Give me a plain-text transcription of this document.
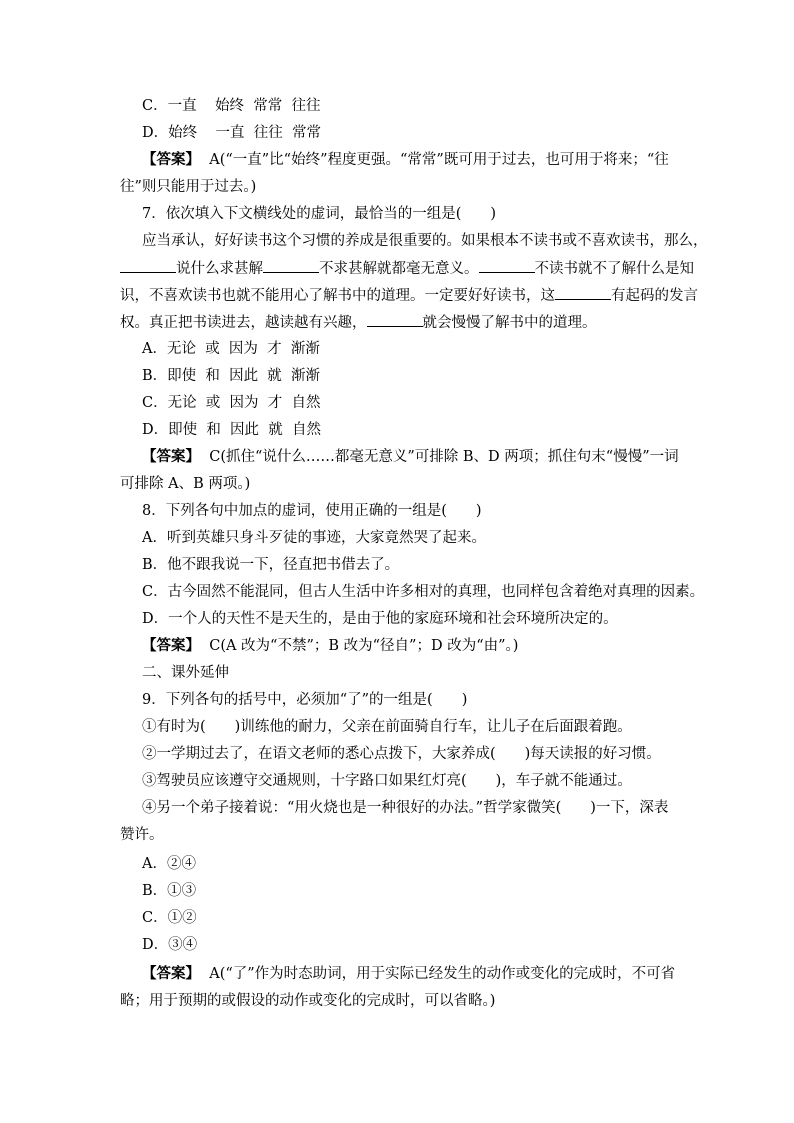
C．一直    始终  常常  往往
D．始终    一直  往往  常常
【答案】  A(“一直”比“始终”程度更强。“常常”既可用于过去，也可用于将来；“往
往”则只能用于过去。)
7．依次填入下文横线处的虚词，最恰当的一组是(　　)
应当承认，好好读书这个习惯的养成是很重要的。如果根本不读书或不喜欢读书，那么，
说什么求甚解	不求甚解就都毫无意义。	不读书就不了解什么是知
识，不喜欢读书也就不能用心了解书中的道理。一定要好好读书，这	有起码的发言
权。真正把书读进去，越读越有兴趣，	就会慢慢了解书中的道理。
A．无论  或  因为  才  渐渐
B．即使  和  因此  就  渐渐
C．无论  或  因为  才  自然
D．即使  和  因此  就  自然
【答案】  C(抓住“说什么……都毫无意义”可排除 B、D 两项；抓住句末“慢慢”一词
可排除 A、B 两项。)
8．下列各句中加点的虚词，使用正确的一组是(　　)
A．听到英雄只身斗歹徒的事迹，大家竟然哭了起来。
B．他不跟我说一下，径直把书借去了。
C．古今固然不能混同，但古人生活中许多相对的真理，也同样包含着绝对真理的因素。
D．一个人的天性不是天生的，是由于他的家庭环境和社会环境所决定的。
【答案】  C(A 改为“不禁”；B 改为“径自”；D 改为“由”。)
二、课外延伸
9．下列各句的括号中，必须加“了”的一组是(　　)
①有时为(　　)训练他的耐力，父亲在前面骑自行车，让儿子在后面跟着跑。
②一学期过去了，在语文老师的悉心点拨下，大家养成(　　)每天读报的好习惯。
③驾驶员应该遵守交通规则，十字路口如果红灯亮(　　)，车子就不能通过。
④另一个弟子接着说：“用火烧也是一种很好的办法。”哲学家微笑(　　)一下，深表
赞许。
A．②④
B．①③
C．①②
D．③④
【答案】  A(“了”作为时态助词，用于实际已经发生的动作或变化的完成时，不可省
略；用于预期的或假设的动作或变化的完成时，可以省略。)
